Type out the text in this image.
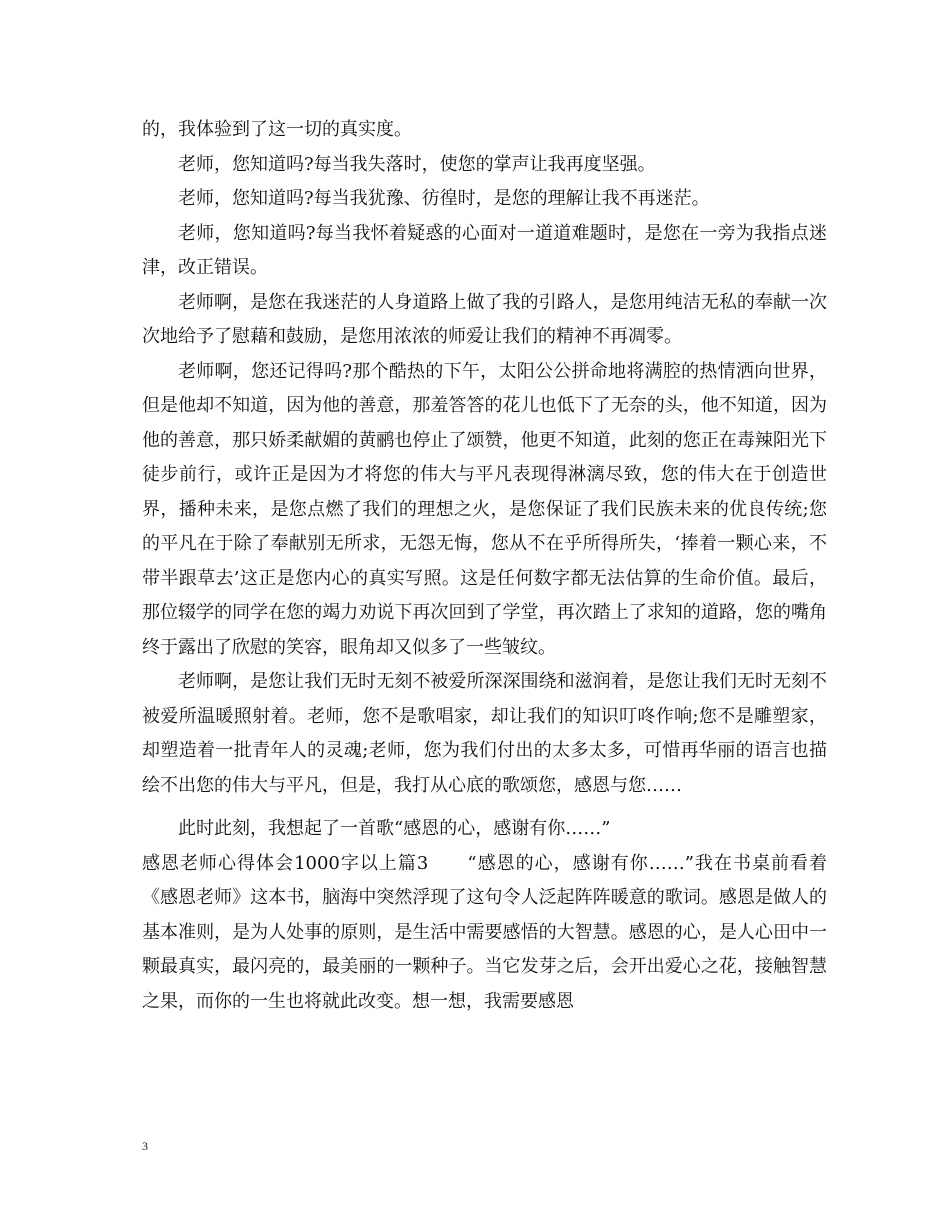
的，我体验到了这一切的真实度。

老师，您知道吗?每当我失落时，使您的掌声让我再度坚强。

老师，您知道吗?每当我犹豫、彷徨时，是您的理解让我不再迷茫。

老师，您知道吗?每当我怀着疑惑的心面对一道道难题时，是您在一旁为我指点迷津，改正错误。

老师啊，是您在我迷茫的人身道路上做了我的引路人，是您用纯洁无私的奉献一次次地给予了慰藉和鼓励，是您用浓浓的师爱让我们的精神不再凋零。

老师啊，您还记得吗?那个酷热的下午，太阳公公拼命地将满腔的热情洒向世界，但是他却不知道，因为他的善意，那羞答答的花儿也低下了无奈的头，他不知道，因为他的善意，那只娇柔献媚的黄鹂也停止了颂赞，他更不知道，此刻的您正在毒辣阳光下徒步前行，或许正是因为才将您的伟大与平凡表现得淋漓尽致，您的伟大在于创造世界，播种未来，是您点燃了我们的理想之火，是您保证了我们民族未来的优良传统;您的平凡在于除了奉献别无所求，无怨无悔，您从不在乎所得所失，‘捧着一颗心来，不带半跟草去’这正是您内心的真实写照。这是任何数字都无法估算的生命价值。最后，那位辍学的同学在您的竭力劝说下再次回到了学堂，再次踏上了求知的道路，您的嘴角终于露出了欣慰的笑容，眼角却又似多了一些皱纹。

老师啊，是您让我们无时无刻不被爱所深深围绕和滋润着，是您让我们无时无刻不被爱所温暖照射着。老师，您不是歌唱家，却让我们的知识叮咚作响;您不是雕塑家，却塑造着一批青年人的灵魂;老师，您为我们付出的太多太多，可惜再华丽的语言也描绘不出您的伟大与平凡，但是，我打从心底的歌颂您，感恩与您……

此时此刻，我想起了一首歌“感恩的心，感谢有你……”

感恩老师心得体会1000字以上篇3　　“感恩的心，感谢有你……”我在书桌前看着《感恩老师》这本书，脑海中突然浮现了这句令人泛起阵阵暖意的歌词。感恩是做人的基本准则，是为人处事的原则，是生活中需要感悟的大智慧。感恩的心，是人心田中一颗最真实，最闪亮的，最美丽的一颗种子。当它发芽之后，会开出爱心之花，接触智慧之果，而你的一生也将就此改变。想一想，我需要感恩

3
